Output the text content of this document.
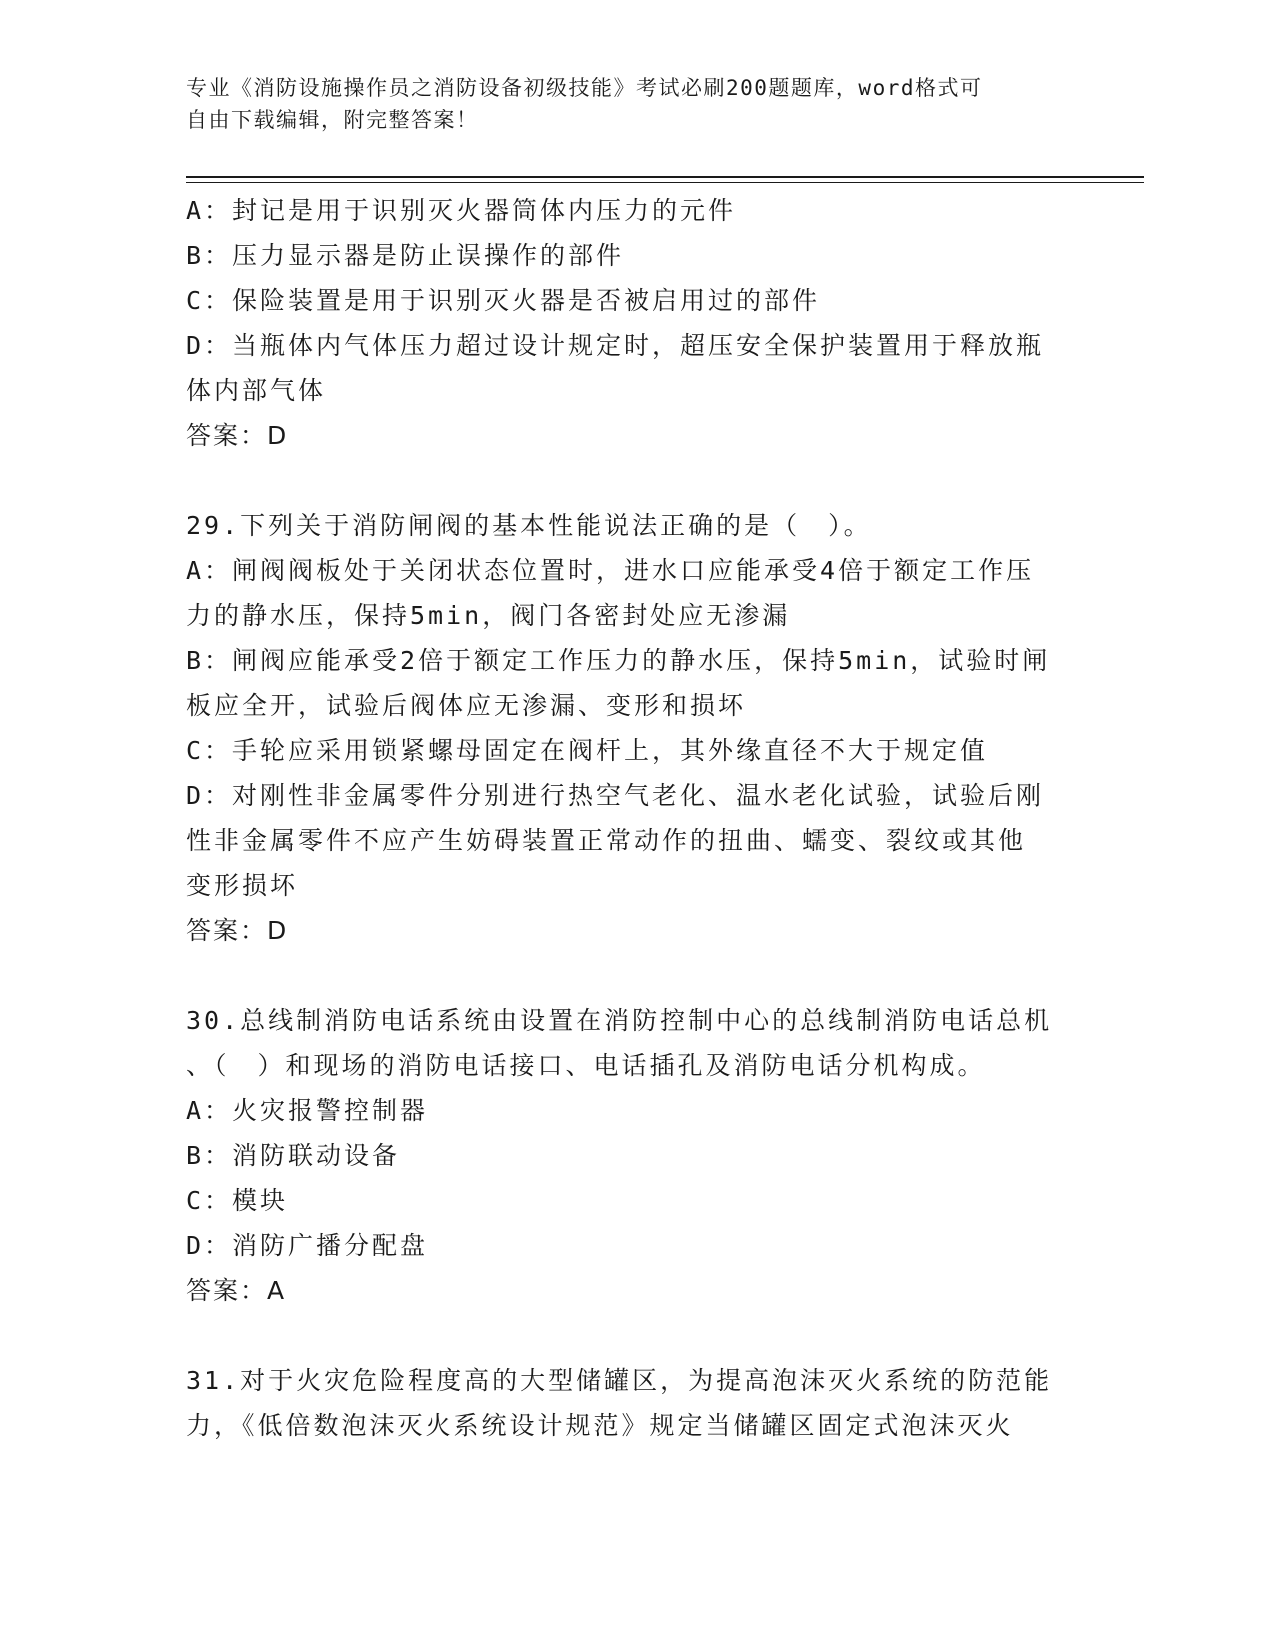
专业《消防设施操作员之消防设备初级技能》考试必刷200题题库，word格式可
自由下载编辑，附完整答案！
A：封记是用于识别灭火器筒体内压力的元件
B：压力显示器是防止误操作的部件
C：保险装置是用于识别灭火器是否被启用过的部件
D：当瓶体内气体压力超过设计规定时，超压安全保护装置用于释放瓶
体内部气体
答案：D
29.下列关于消防闸阀的基本性能说法正确的是（　）。
A：闸阀阀板处于关闭状态位置时，进水口应能承受4倍于额定工作压
力的静水压，保持5min，阀门各密封处应无渗漏
B：闸阀应能承受2倍于额定工作压力的静水压，保持5min，试验时闸
板应全开，试验后阀体应无渗漏、变形和损坏
C：手轮应采用锁紧螺母固定在阀杆上，其外缘直径不大于规定值
D：对刚性非金属零件分别进行热空气老化、温水老化试验，试验后刚
性非金属零件不应产生妨碍装置正常动作的扭曲、蠕变、裂纹或其他
变形损坏
答案：D
30.总线制消防电话系统由设置在消防控制中心的总线制消防电话总机
、（　）和现场的消防电话接口、电话插孔及消防电话分机构成。
A：火灾报警控制器
B：消防联动设备
C：模块
D：消防广播分配盘
答案：A
31.对于火灾危险程度高的大型储罐区，为提高泡沫灭火系统的防范能
力，《低倍数泡沫灭火系统设计规范》规定当储罐区固定式泡沫灭火
